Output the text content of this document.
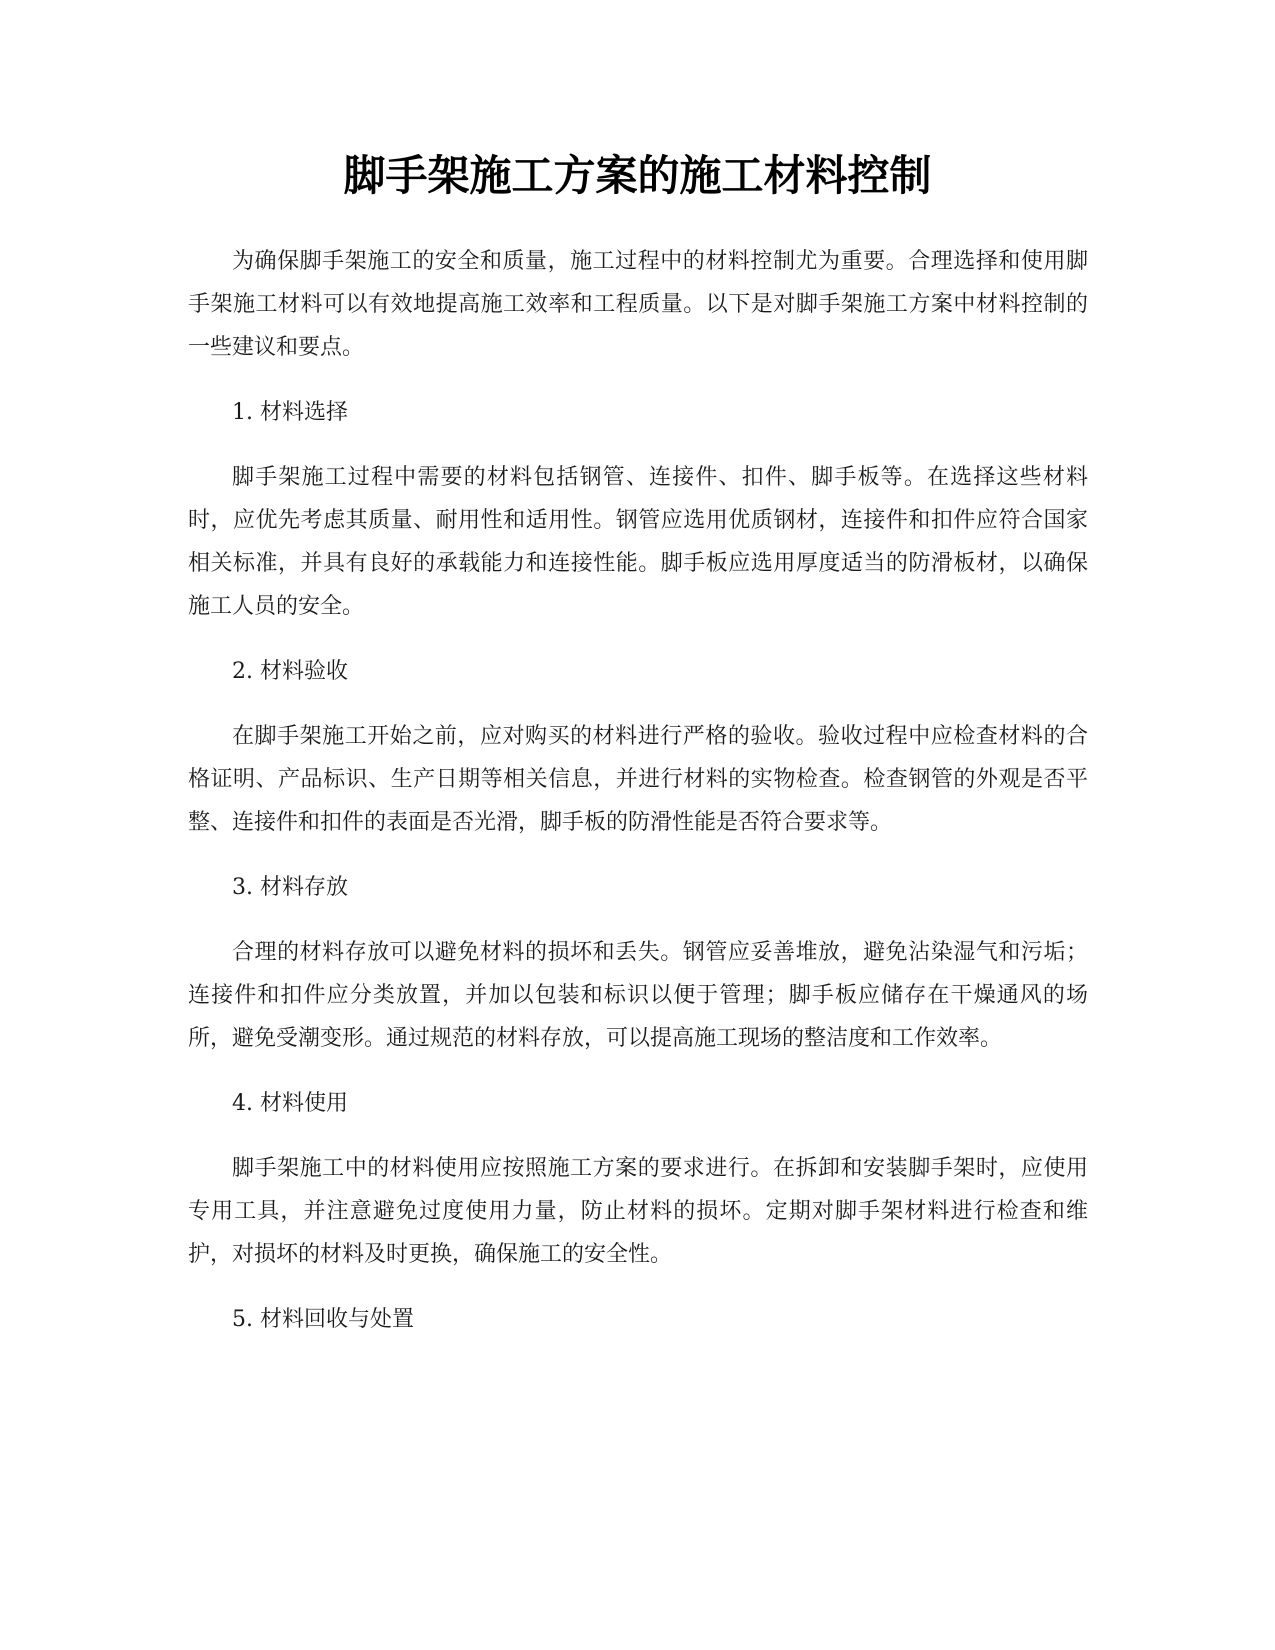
脚手架施工方案的施工材料控制

为确保脚手架施工的安全和质量，施工过程中的材料控制尤为重要。合理选择和使用脚手架施工材料可以有效地提高施工效率和工程质量。以下是对脚手架施工方案中材料控制的一些建议和要点。

1. 材料选择

脚手架施工过程中需要的材料包括钢管、连接件、扣件、脚手板等。在选择这些材料时，应优先考虑其质量、耐用性和适用性。钢管应选用优质钢材，连接件和扣件应符合国家相关标准，并具有良好的承载能力和连接性能。脚手板应选用厚度适当的防滑板材，以确保施工人员的安全。

2. 材料验收

在脚手架施工开始之前，应对购买的材料进行严格的验收。验收过程中应检查材料的合格证明、产品标识、生产日期等相关信息，并进行材料的实物检查。检查钢管的外观是否平整、连接件和扣件的表面是否光滑，脚手板的防滑性能是否符合要求等。

3. 材料存放

合理的材料存放可以避免材料的损坏和丢失。钢管应妥善堆放，避免沾染湿气和污垢；连接件和扣件应分类放置，并加以包装和标识以便于管理；脚手板应储存在干燥通风的场所，避免受潮变形。通过规范的材料存放，可以提高施工现场的整洁度和工作效率。

4. 材料使用

脚手架施工中的材料使用应按照施工方案的要求进行。在拆卸和安装脚手架时，应使用专用工具，并注意避免过度使用力量，防止材料的损坏。定期对脚手架材料进行检查和维护，对损坏的材料及时更换，确保施工的安全性。

5. 材料回收与处置
